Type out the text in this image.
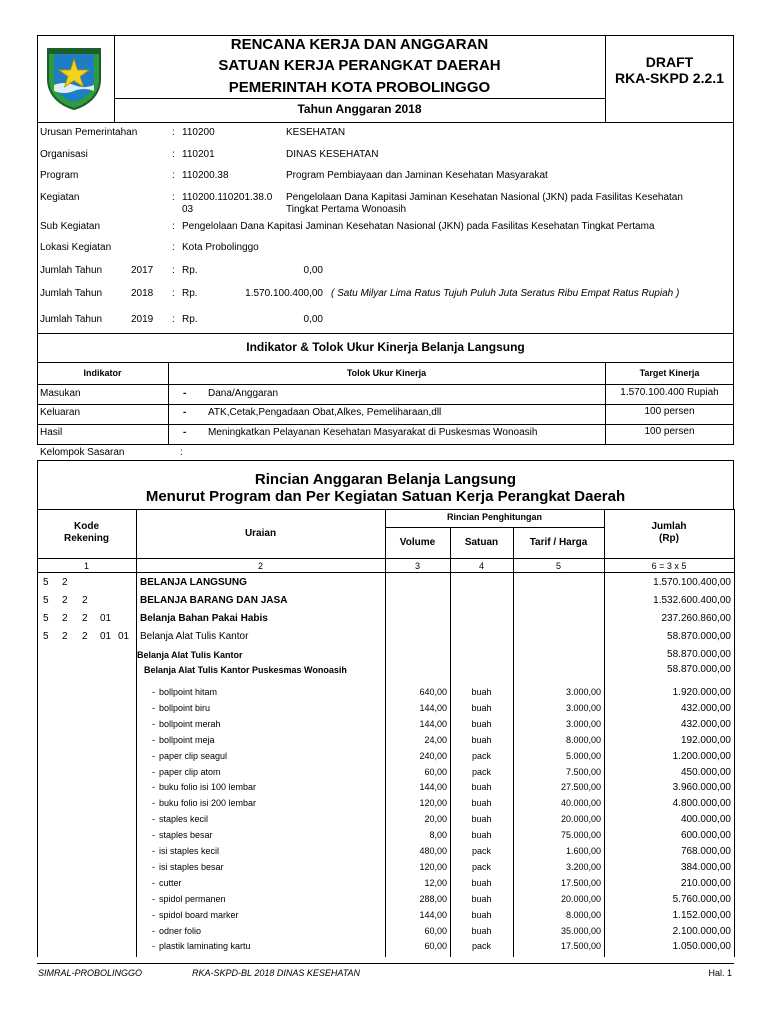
RENCANA KERJA DAN ANGGARAN
SATUAN KERJA PERANGKAT DAERAH
PEMERINTAH KOTA PROBOLINGGO
Tahun Anggaran 2018
DRAFT
RKA-SKPD 2.2.1
Urusan Pemerintahan	: 110200	KESEHATAN
Organisasi	: 110201	DINAS KESEHATAN
Program	: 110200.38	Program Pembiayaan dan Jaminan Kesehatan Masyarakat
Kegiatan	: 110200.110201.38.0
03
Pengelolaan Dana Kapitasi Jaminan Kesehatan Nasional (JKN) pada Fasilitas Kesehatan
Tingkat Pertama Wonoasih
Sub Kegiatan	: Pengelolaan Dana Kapitasi Jaminan Kesehatan Nasional (JKN) pada Fasilitas Kesehatan Tingkat Pertama
Lokasi Kegiatan	: Kota Probolinggo
Jumlah Tahun	2017 : Rp.	0,00
Jumlah Tahun	2018 : Rp.	1.570.100.400,00 ( Satu Milyar Lima Ratus Tujuh Puluh Juta Seratus Ribu Empat Ratus Rupiah )
Jumlah Tahun	2019 : Rp.	0,00
Indikator & Tolok Ukur Kinerja Belanja Langsung
Indikator	Tolok Ukur Kinerja	Target Kinerja
Masukan	- Dana/Anggaran	1.570.100.400 Rupiah
Keluaran	- ATK,Cetak,Pengadaan Obat,Alkes, Pemeliharaan,dll	100 persen
Hasil	- Meningkatkan Pelayanan Kesehatan Masyarakat di Puskesmas Wonoasih	100 persen
Kelompok Sasaran	:
Rincian Anggaran Belanja Langsung
Menurut Program dan Per Kegiatan Satuan Kerja Perangkat Daerah
Kode
Rekening	Uraian
Rincian Penghitungan
Volume	Satuan	Tarif / Harga
Jumlah
(Rp)
1	2	3	4	5	6 = 3 x 5
5 2	BELANJA LANGSUNG	1.570.100.400,00
5 2 2	BELANJA BARANG DAN JASA	1.532.600.400,00
5 2 2 01	Belanja Bahan Pakai Habis	237.260.860,00
5 2 2 01 01 Belanja Alat Tulis Kantor	58.870.000,00
Belanja Alat Tulis Kantor	58.870.000,00
Belanja Alat Tulis Kantor Puskesmas Wonoasih	58.870.000,00
- bollpoint hitam	640,00	buah	3.000,00	1.920.000,00
- bollpoint biru	144,00	buah	3.000,00	432.000,00
- bollpoint merah	144,00	buah	3.000,00	432.000,00
- bollpoint meja	24,00	buah	8.000,00	192.000,00
- paper clip seagul	240,00	pack	5.000,00	1.200.000,00
- paper clip atom	60,00	pack	7.500,00	450.000,00
- buku folio isi 100 lembar	144,00	buah	27.500,00	3.960.000,00
- buku folio isi 200 lembar	120,00	buah	40.000,00	4.800.000,00
- staples kecil	20,00	buah	20.000,00	400.000,00
- staples besar	8,00	buah	75.000,00	600.000,00
- isi staples kecil	480,00	pack	1.600,00	768.000,00
- isi staples besar	120,00	pack	3.200,00	384.000,00
- cutter	12,00	buah	17.500,00	210.000,00
- spidol permanen	288,00	buah	20.000,00	5.760.000,00
- spidol board marker	144,00	buah	8.000,00	1.152.000,00
- odner folio	60,00	buah	35.000,00	2.100.000,00
- plastik laminating kartu	60,00	pack	17.500,00	1.050.000,00
SIMRAL-PROBOLINGGO	RKA-SKPD-BL 2018 DINAS KESEHATAN	Hal. 1
